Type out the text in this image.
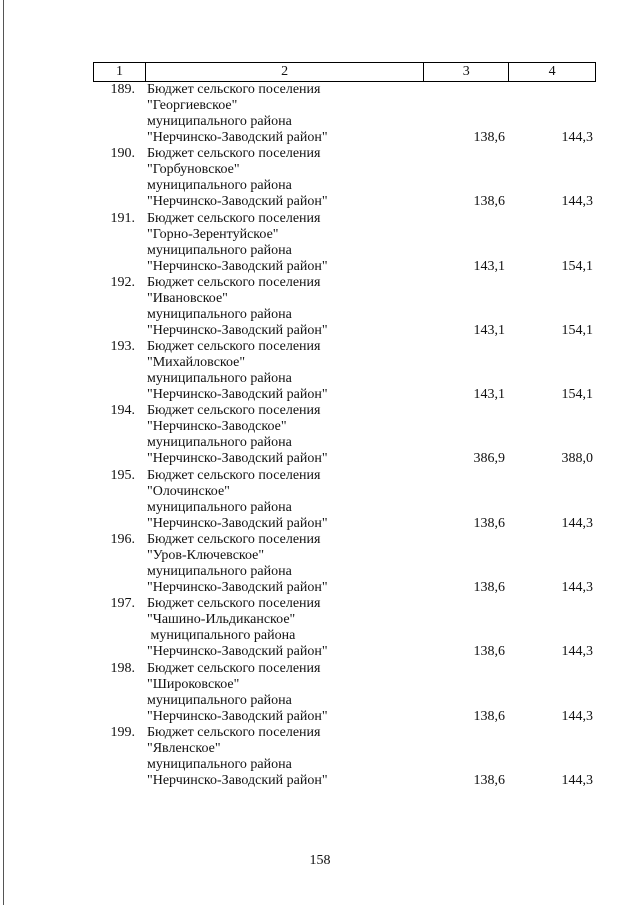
1	2	3	4
189. Бюджет сельского поселения
"Георгиевское"
муниципального района
"Нерчинско-Заводский район"	138,6	144,3
190. Бюджет сельского поселения
"Горбуновское"
муниципального района
"Нерчинско-Заводский район"	138,6	144,3
191. Бюджет сельского поселения
"Горно-Зерентуйское"
муниципального района
"Нерчинско-Заводский район"	143,1	154,1
192. Бюджет сельского поселения
"Ивановское"
муниципального района
"Нерчинско-Заводский район"	143,1	154,1
193. Бюджет сельского поселения
"Михайловское"
муниципального района
"Нерчинско-Заводский район"	143,1	154,1
194. Бюджет сельского поселения
"Нерчинско-Заводское"
муниципального района
"Нерчинско-Заводский район"	386,9	388,0
195. Бюджет сельского поселения
"Олочинское"
муниципального района
"Нерчинско-Заводский район"	138,6	144,3
196. Бюджет сельского поселения
"Уров-Ключевское"
муниципального района
"Нерчинско-Заводский район"	138,6	144,3
197. Бюджет сельского поселения
"Чашино-Ильдиканское"
муниципального района
"Нерчинско-Заводский район"	138,6	144,3
198. Бюджет сельского поселения
"Широковское"
муниципального района
"Нерчинско-Заводский район"	138,6	144,3
199. Бюджет сельского поселения
"Явленское"
муниципального района
"Нерчинско-Заводский район"	138,6	144,3
158
